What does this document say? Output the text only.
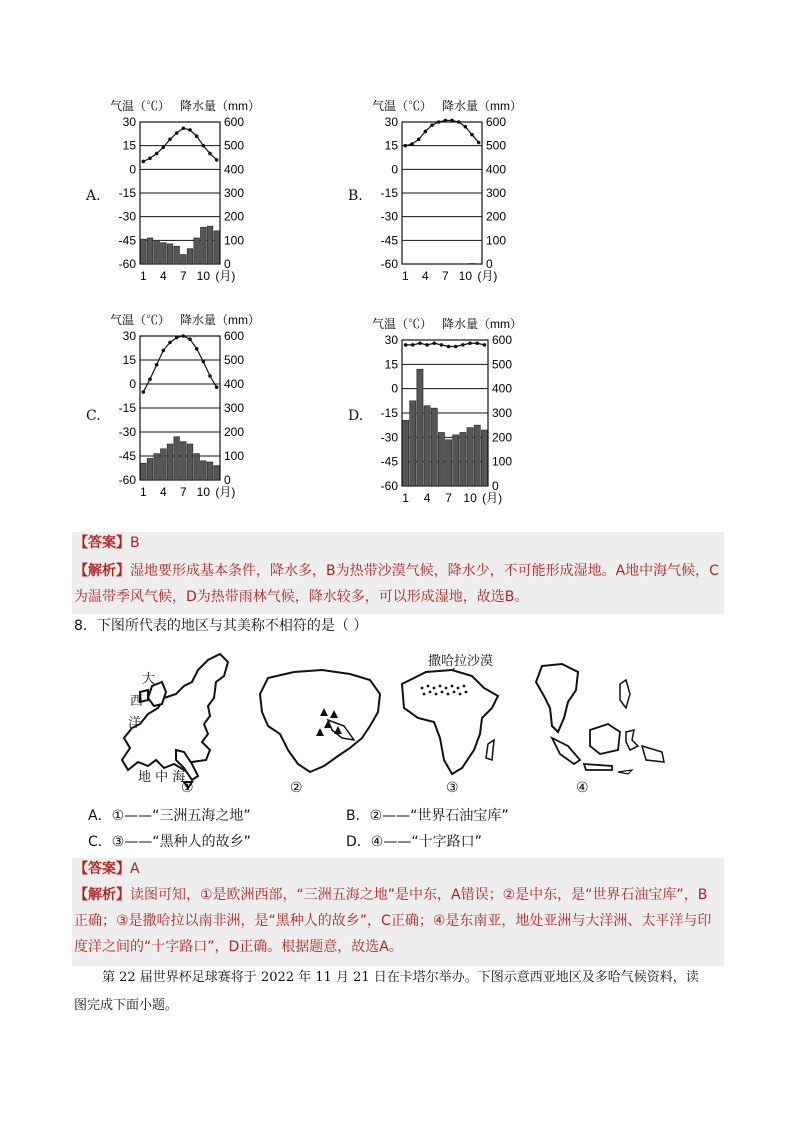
气温（℃） 降水量（mm）
30	600
15	500
0	400
-15	300
-30	200
-45	100
-60	0
1 4 7 10 (月)
气温（℃） 降水量（mm）
30	600
15	500
0	400
-15	300
-30	200
-45	100
-60	0
1 4 7 10 (月)
气温（℃） 降水量（mm）
30	600
15	500
0	400
-15	300
-30	200
-45	100
-60	0
1 4 7 10 (月)
气温（℃） 降水量（mm）
30	600
15	500
0	400
-15	300
-30	200
-45	100
-60	0
1 4 7 10 (月)
【答案】B
【解析】湿地要形成基本条件，降水多，B为热带沙漠气候，降水少，不可能形成湿地。A地中海气候，C
为温带季风气候，D为热带雨林气候，降水较多，可以形成湿地，故选B。
8．下图所代表的地区与其美称不相符的是（ ）
大
西
洋
地 中 海
①	②
撒哈拉沙漠
③	④
A．①——“三洲五海之地”	B．②——“世界石油宝库”
C．③——“黑种人的故乡”	D．④——“十字路口”
【答案】A
【解析】读图可知，①是欧洲西部，“三洲五海之地”是中东，A错误；②是中东，是“世界石油宝库”，B
正确；③是撒哈拉以南非洲，是“黑种人的故乡”，C正确；④是东南亚，地处亚洲与大洋洲、太平洋与印
度洋之间的“十字路口”，D正确。根据题意，故选A。
第 22 届世界杯足球赛将于 2022 年 11 月 21 日在卡塔尔举办。下图示意西亚地区及多哈气候资料，读
图完成下面小题。
A.	B.
C.	D.
